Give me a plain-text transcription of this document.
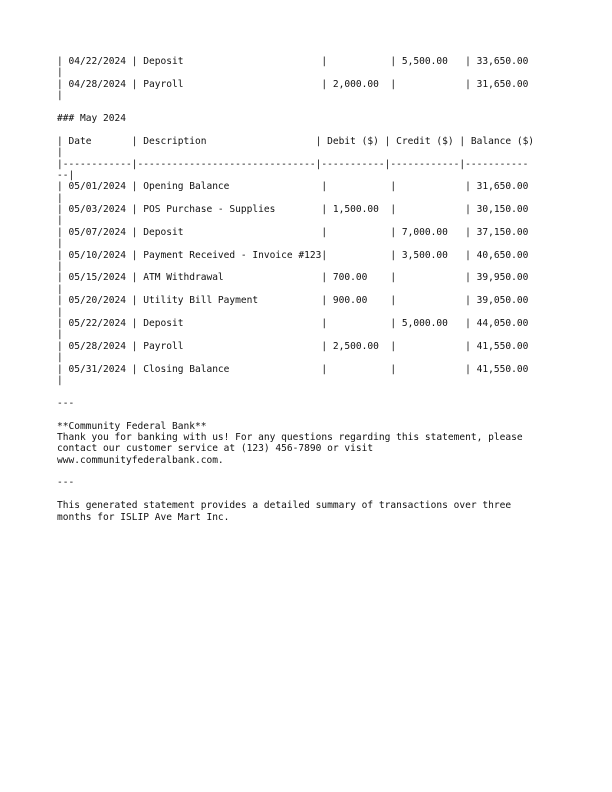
| 04/22/2024 | Deposit                        |           | 5,500.00   | 33,650.00
|
| 04/28/2024 | Payroll                        | 2,000.00  |            | 31,650.00
|
### May 2024
| Date       | Description                   | Debit ($) | Credit ($) | Balance ($)
|
|------------|-------------------------------|-----------|------------|-----------
--|
| 05/01/2024 | Opening Balance                |           |            | 31,650.00
|
| 05/03/2024 | POS Purchase - Supplies        | 1,500.00  |            | 30,150.00
|
| 05/07/2024 | Deposit                        |           | 7,000.00   | 37,150.00
|
| 05/10/2024 | Payment Received - Invoice #123|           | 3,500.00   | 40,650.00
|
| 05/15/2024 | ATM Withdrawal                 | 700.00    |            | 39,950.00
|
| 05/20/2024 | Utility Bill Payment           | 900.00    |            | 39,050.00
|
| 05/22/2024 | Deposit                        |           | 5,000.00   | 44,050.00
|
| 05/28/2024 | Payroll                        | 2,500.00  |            | 41,550.00
|
| 05/31/2024 | Closing Balance                |           |            | 41,550.00
|
---
**Community Federal Bank**
Thank you for banking with us! For any questions regarding this statement, please
contact our customer service at (123) 456-7890 or visit
www.communityfederalbank.com.
---
This generated statement provides a detailed summary of transactions over three
months for ISLIP Ave Mart Inc.
